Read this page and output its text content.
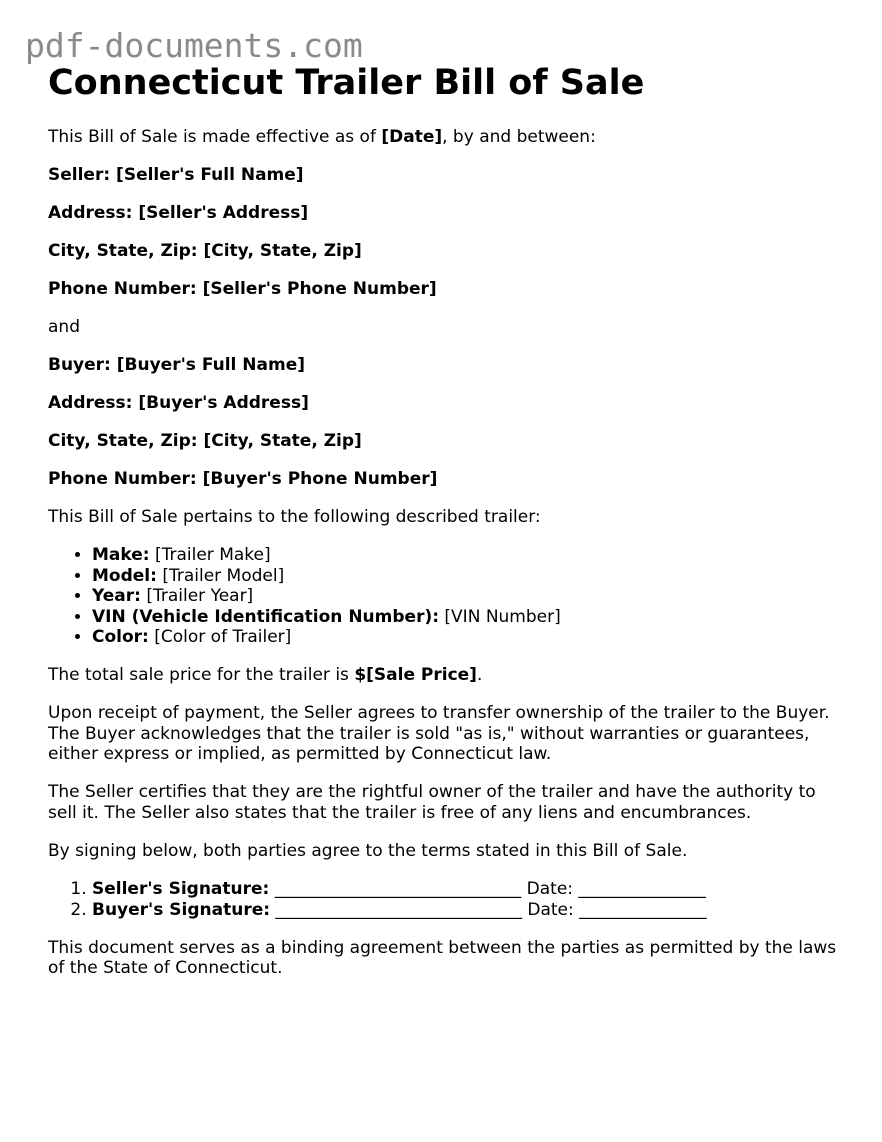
pdf-documents.com
Connecticut Trailer Bill of Sale

This Bill of Sale is made effective as of [Date], by and between:

Seller: [Seller's Full Name]

Address: [Seller's Address]

City, State, Zip: [City, State, Zip]

Phone Number: [Seller's Phone Number]

and

Buyer: [Buyer's Full Name]

Address: [Buyer's Address]

City, State, Zip: [City, State, Zip]

Phone Number: [Buyer's Phone Number]

This Bill of Sale pertains to the following described trailer:

• Make: [Trailer Make]
• Model: [Trailer Model]
• Year: [Trailer Year]
• VIN (Vehicle Identification Number): [VIN Number]
• Color: [Color of Trailer]

The total sale price for the trailer is $[Sale Price].

Upon receipt of payment, the Seller agrees to transfer ownership of the trailer to the Buyer. The Buyer acknowledges that the trailer is sold "as is," without warranties or guarantees, either express or implied, as permitted by Connecticut law.

The Seller certifies that they are the rightful owner of the trailer and have the authority to sell it. The Seller also states that the trailer is free of any liens and encumbrances.

By signing below, both parties agree to the terms stated in this Bill of Sale.

1. Seller's Signature: _____________________________ Date: _______________
2. Buyer's Signature: _____________________________ Date: _______________

This document serves as a binding agreement between the parties as permitted by the laws of the State of Connecticut.
